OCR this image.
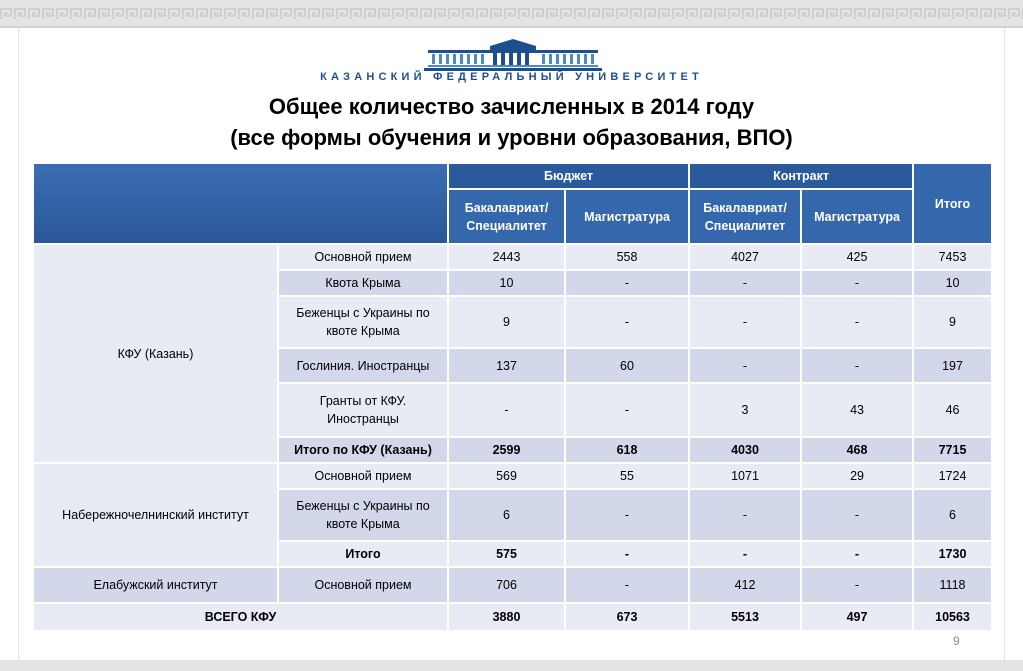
КАЗАНСКИЙ ФЕДЕРАЛЬНЫЙ УНИВЕРСИТЕТ
Общее количество зачисленных в 2014 году
(все формы обучения и уровни образования, ВПО)
		Бюджет		Контракт		Итого
		Бакалавриат/ Специалитет	Магистратура	Бакалавриат/ Специалитет	Магистратура	
КФУ (Казань)	Основной прием	2443	558	4027	425	7453
	Квота Крыма	10	-	-	-	10
	Беженцы с Украины по квоте Крыма	9	-	-	-	9
	Гослиния. Иностранцы	137	60	-	-	197
	Гранты от КФУ. Иностранцы	-	-	3	43	46
	Итого по КФУ (Казань)	2599	618	4030	468	7715
Набережночелнинский институт	Основной прием	569	55	1071	29	1724
	Беженцы с Украины по квоте Крыма	6	-	-	-	6
	Итого	575	-	-	-	1730
Елабужский институт	Основной прием	706	-	412	-	1118
ВСЕГО КФУ		3880	673	5513	497	10563
9
